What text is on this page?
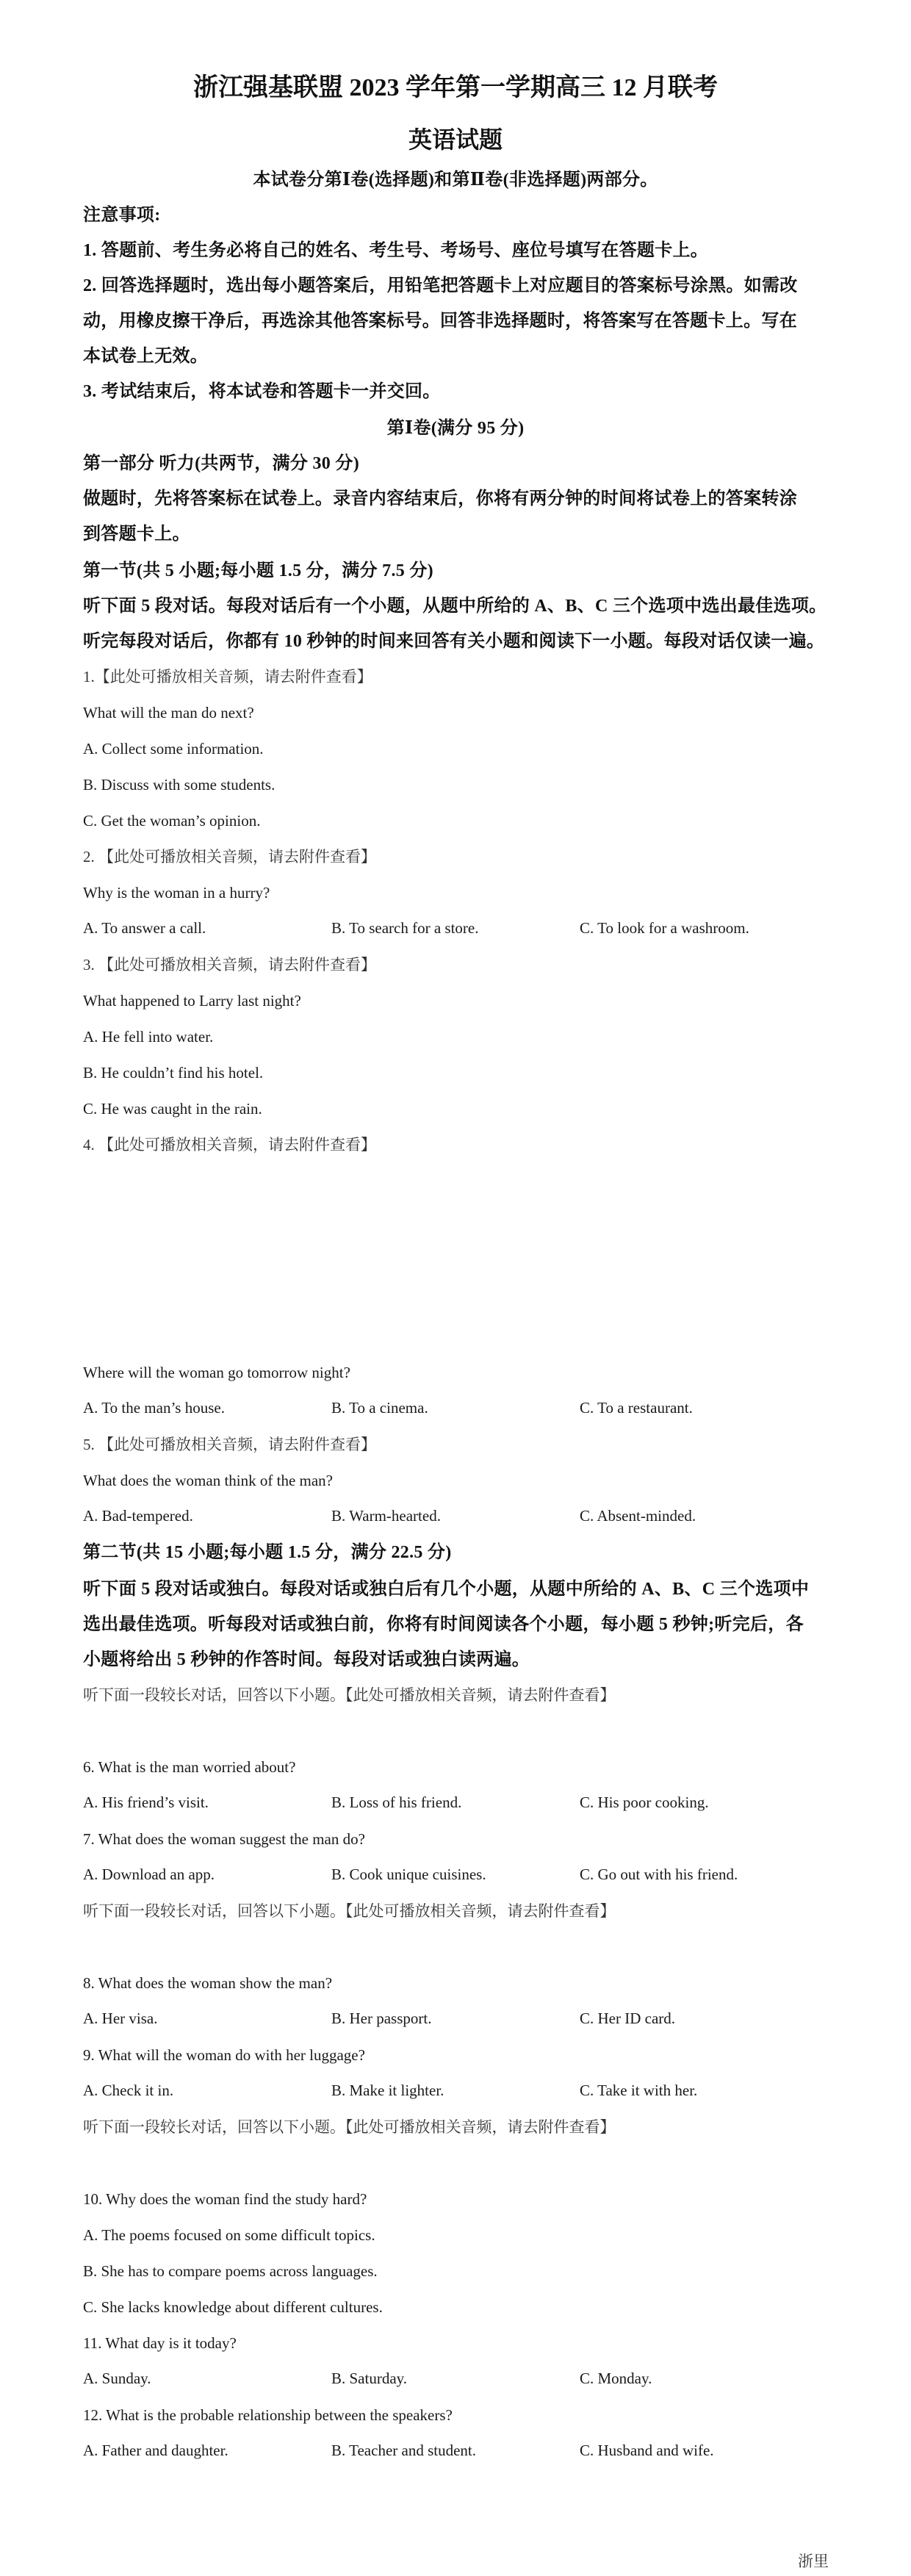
浙江强基联盟 2023 学年第一学期高三 12 月联考
英语试题
本试卷分第Ⅰ卷(选择题)和第Ⅱ卷(非选择题)两部分。
注意事项:
1. 答题前、考生务必将自己的姓名、考生号、考场号、座位号填写在答题卡上。
2. 回答选择题时，选出每小题答案后，用铅笔把答题卡上对应题目的答案标号涂黑。如需改
动，用橡皮擦干净后，再选涂其他答案标号。回答非选择题时，将答案写在答题卡上。写在
本试卷上无效。
3. 考试结束后，将本试卷和答题卡一并交回。
第Ⅰ卷(满分 95 分)
第一部分 听力(共两节，满分 30 分)
做题时，先将答案标在试卷上。录音内容结束后，你将有两分钟的时间将试卷上的答案转涂
到答题卡上。
第一节(共 5 小题;每小题 1.5 分，满分 7.5 分)
听下面 5 段对话。每段对话后有一个小题，从题中所给的 A、B、C 三个选项中选出最佳选项。
听完每段对话后，你都有 10 秒钟的时间来回答有关小题和阅读下一小题。每段对话仅读一遍。
1.【此处可播放相关音频，请去附件查看】
What will the man do next?
A. Collect some information.
B. Discuss with some students.
C. Get the woman’s opinion.
2. 【此处可播放相关音频，请去附件查看】
Why is the woman in a hurry?
A. To answer a call.	B. To search for a store.	C. To look for a washroom.
3. 【此处可播放相关音频，请去附件查看】
What happened to Larry last night?
A. He fell into water.
B. He couldn’t find his hotel.
C. He was caught in the rain.
4. 【此处可播放相关音频，请去附件查看】
Where will the woman go tomorrow night?
A. To the man’s house.	B. To a cinema.	C. To a restaurant.
5. 【此处可播放相关音频，请去附件查看】
What does the woman think of the man?
A. Bad-tempered.	B. Warm-hearted.	C. Absent-minded.
第二节(共 15 小题;每小题 1.5 分，满分 22.5 分)
听下面 5 段对话或独白。每段对话或独白后有几个小题，从题中所给的 A、B、C 三个选项中
选出最佳选项。听每段对话或独白前，你将有时间阅读各个小题，每小题 5 秒钟;听完后，各
小题将给出 5 秒钟的作答时间。每段对话或独白读两遍。
听下面一段较长对话，回答以下小题。【此处可播放相关音频，请去附件查看】
6. What is the man worried about?
A. His friend’s visit.	B. Loss of his friend.	C. His poor cooking.
7. What does the woman suggest the man do?
A. Download an app.	B. Cook unique cuisines.	C. Go out with his friend.
听下面一段较长对话，回答以下小题。【此处可播放相关音频，请去附件查看】
8. What does the woman show the man?
A. Her visa.	B. Her passport.	C. Her ID card.
9. What will the woman do with her luggage?
A. Check it in.	B. Make it lighter.	C. Take it with her.
听下面一段较长对话，回答以下小题。【此处可播放相关音频，请去附件查看】
10. Why does the woman find the study hard?
A. The poems focused on some difficult topics.
B. She has to compare poems across languages.
C. She lacks knowledge about different cultures.
11. What day is it today?
A. Sunday.	B. Saturday.	C. Monday.
12. What is the probable relationship between the speakers?
A. Father and daughter.	B. Teacher and student.	C. Husband and wife.
浙里
